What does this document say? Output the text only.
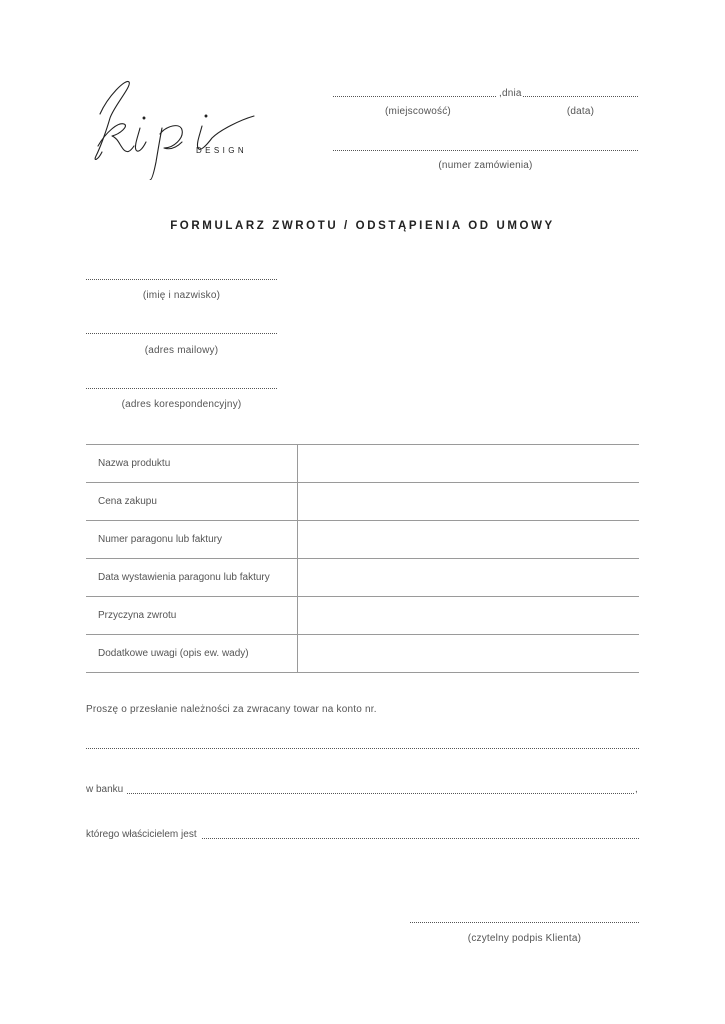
DESIGN
,dnia
(miejscowość)	(data)
(numer zamówienia)
FORMULARZ ZWROTU / ODSTĄPIENIA OD UMOWY
(imię i nazwisko)
(adres mailowy)
(adres korespondencyjny)
Nazwa produktu	
Cena zakupu	
Numer paragonu lub faktury	
Data wystawienia paragonu lub faktury	
Przyczyna zwrotu	
Dodatkowe uwagi (opis ew. wady)	
Proszę o przesłanie należności za zwracany towar na konto nr.
w banku	,
którego właścicielem jest
(czytelny podpis Klienta)
